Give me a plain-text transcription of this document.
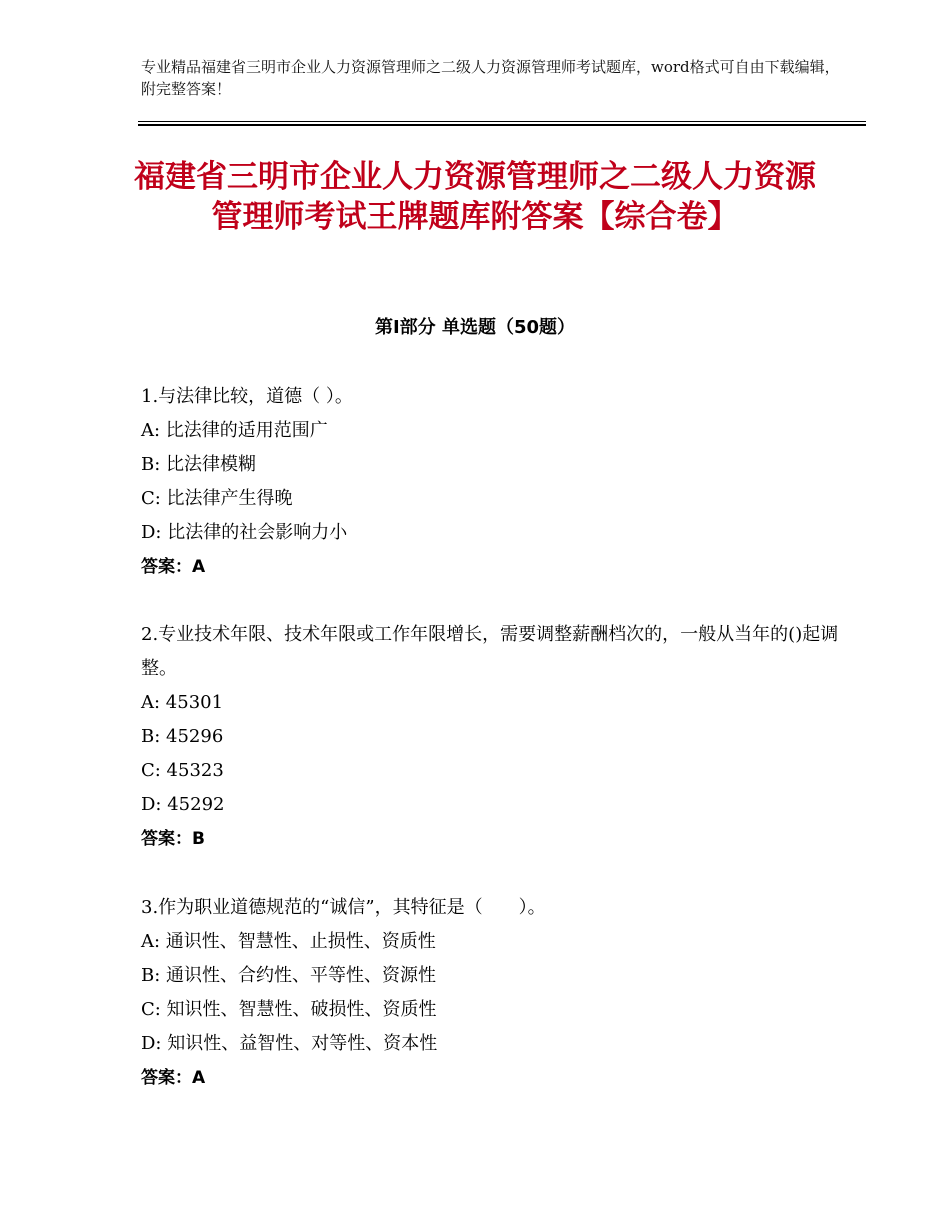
专业精品福建省三明市企业人力资源管理师之二级人力资源管理师考试题库，word格式可自由下载编辑，附完整答案！
福建省三明市企业人力资源管理师之二级人力资源管理师考试王牌题库附答案【综合卷】
第Ⅰ部分 单选题（50题）

1.与法律比较，道德（ ）。

A: 比法律的适用范围广

B: 比法律模糊

C: 比法律产生得晚

D: 比法律的社会影响力小

答案：A

2.专业技术年限、技术年限或工作年限增长，需要调整薪酬档次的，一般从当年的()起调整。

A: 45301

B: 45296

C: 45323

D: 45292

答案：B

3.作为职业道德规范的“诚信”，其特征是（　　）。

A: 通识性、智慧性、止损性、资质性

B: 通识性、合约性、平等性、资源性

C: 知识性、智慧性、破损性、资质性

D: 知识性、益智性、对等性、资本性

答案：A
